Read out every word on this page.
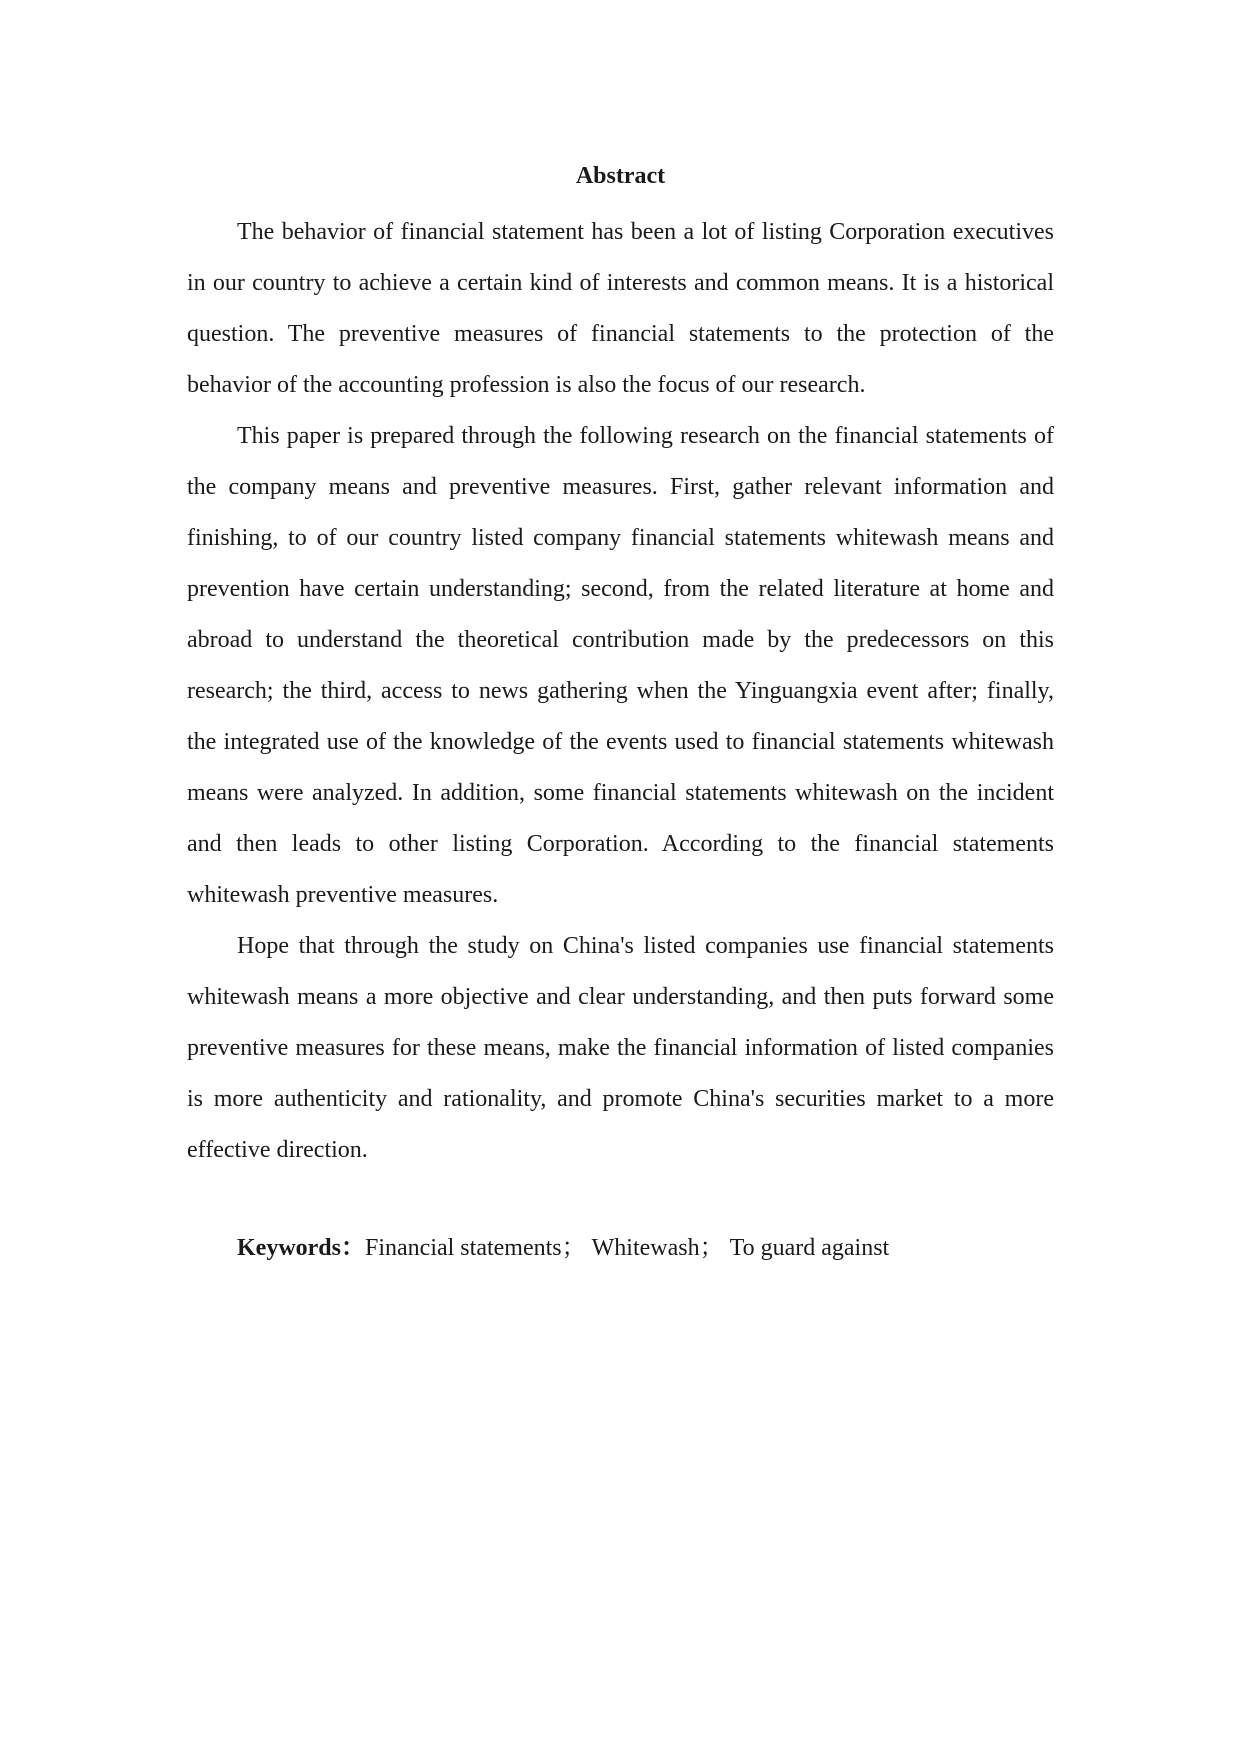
Abstract

The behavior of financial statement has been a lot of listing Corporation executives in our country to achieve a certain kind of interests and common means. It is a historical question. The preventive measures of financial statements to the protection of the behavior of the accounting profession is also the focus of our research.

This paper is prepared through the following research on the financial statements of the company means and preventive measures. First, gather relevant information and finishing, to of our country listed company financial statements whitewash means and prevention have certain understanding; second, from the related literature at home and abroad to understand the theoretical contribution made by the predecessors on this research; the third, access to news gathering when the Yinguangxia event after; finally, the integrated use of the knowledge of the events used to financial statements whitewash means were analyzed. In addition, some financial statements whitewash on the incident and then leads to other listing Corporation. According to the financial statements whitewash preventive measures.

Hope that through the study on China's listed companies use financial statements whitewash means a more objective and clear understanding, and then puts forward some preventive measures for these means, make the financial information of listed companies is more authenticity and rationality, and promote China's securities market to a more effective direction.

Keywords：Financial statements； Whitewash； To guard against
